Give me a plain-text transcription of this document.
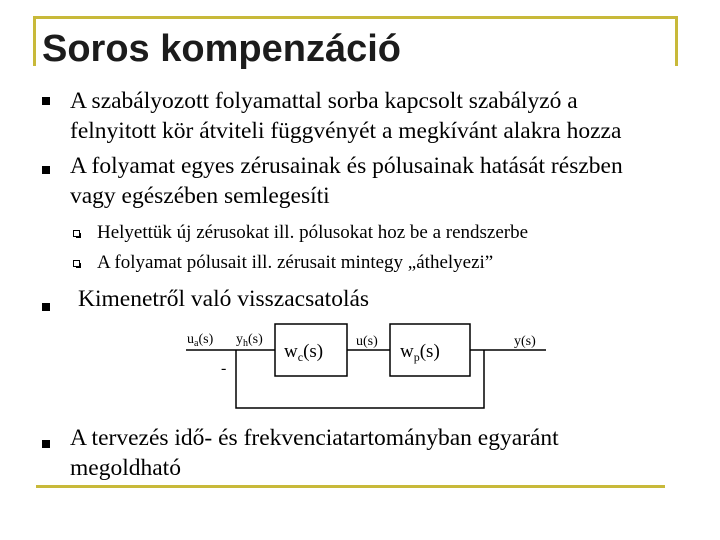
Soros kompenzáció
A szabályozott folyamattal sorba kapcsolt szabályzó a
felnyitott kör átviteli függvényét a megkívánt alakra hozza
A folyamat egyes zérusainak és pólusainak hatását részben
vagy egészében semlegesíti
Helyettük új zérusokat ill. pólusokat hoz be a rendszerbe
A folyamat pólusait ill. zérusait mintegy „áthelyezi”
Kimenetről való visszacsatolás
$u_a(s)$ $y_h(s)$
-
$w_c(s)$ u(s) $w_p(s)$	y(s)
A tervezés idő- és frekvenciatartományban egyaránt
megoldható
